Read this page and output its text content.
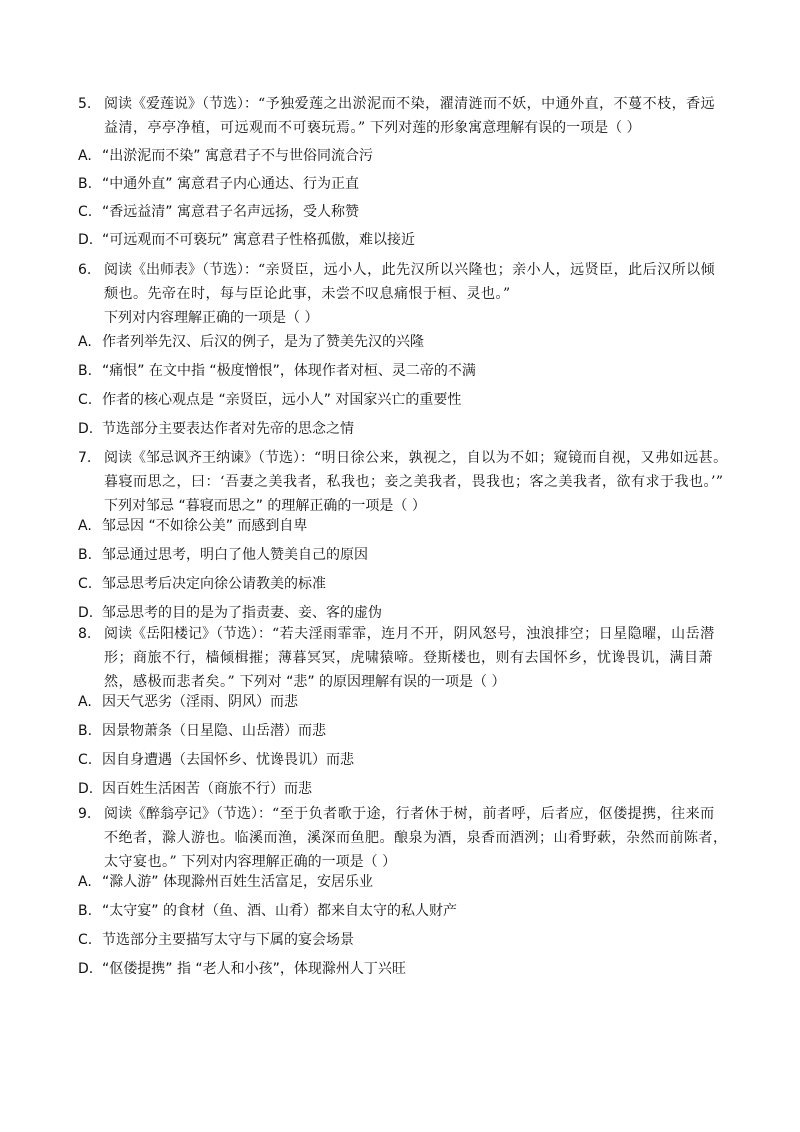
5. 阅读《爱莲说》（节选）：“予独爱莲之出淤泥而不染，濯清涟而不妖，中通外直，不蔓不枝，香远益清，亭亭净植，可远观而不可亵玩焉。” 下列对莲的形象寓意理解有误的一项是（ ）
A. “出淤泥而不染” 寓意君子不与世俗同流合污
B. “中通外直” 寓意君子内心通达、行为正直
C. “香远益清” 寓意君子名声远扬，受人称赞
D. “可远观而不可亵玩” 寓意君子性格孤傲，难以接近
6. 阅读《出师表》（节选）：“亲贤臣，远小人，此先汉所以兴隆也；亲小人，远贤臣，此后汉所以倾颓也。先帝在时，每与臣论此事，未尝不叹息痛恨于桓、灵也。” 下列对内容理解正确的一项是（ ）
A. 作者列举先汉、后汉的例子，是为了赞美先汉的兴隆
B. “痛恨” 在文中指 “极度憎恨”，体现作者对桓、灵二帝的不满
C. 作者的核心观点是 “亲贤臣，远小人” 对国家兴亡的重要性
D. 节选部分主要表达作者对先帝的思念之情
7. 阅读《邹忌讽齐王纳谏》（节选）：“明日徐公来，孰视之，自以为不如；窥镜而自视，又弗如远甚。暮寝而思之，曰：‘吾妻之美我者，私我也；妾之美我者，畏我也；客之美我者，欲有求于我也。’” 下列对邹忌 “暮寝而思之” 的理解正确的一项是（ ）
A. 邹忌因 “不如徐公美” 而感到自卑
B. 邹忌通过思考，明白了他人赞美自己的原因
C. 邹忌思考后决定向徐公请教美的标准
D. 邹忌思考的目的是为了指责妻、妾、客的虚伪
8. 阅读《岳阳楼记》（节选）：“若夫淫雨霏霏，连月不开，阴风怒号，浊浪排空；日星隐曜，山岳潜形；商旅不行，樯倾楫摧；薄暮冥冥，虎啸猿啼。登斯楼也，则有去国怀乡，忧谗畏讥，满目萧然，感极而悲者矣。” 下列对 “悲” 的原因理解有误的一项是（ ）
A. 因天气恶劣（淫雨、阴风）而悲
B. 因景物萧条（日星隐、山岳潜）而悲
C. 因自身遭遇（去国怀乡、忧谗畏讥）而悲
D. 因百姓生活困苦（商旅不行）而悲
9. 阅读《醉翁亭记》（节选）：“至于负者歌于途，行者休于树，前者呼，后者应，伛偻提携，往来而不绝者，滁人游也。临溪而渔，溪深而鱼肥。酿泉为酒，泉香而酒洌；山肴野蔌，杂然而前陈者，太守宴也。” 下列对内容理解正确的一项是（ ）
A. “滁人游” 体现滁州百姓生活富足，安居乐业
B. “太守宴” 的食材（鱼、酒、山肴）都来自太守的私人财产
C. 节选部分主要描写太守与下属的宴会场景
D. “伛偻提携” 指 “老人和小孩”，体现滁州人丁兴旺
